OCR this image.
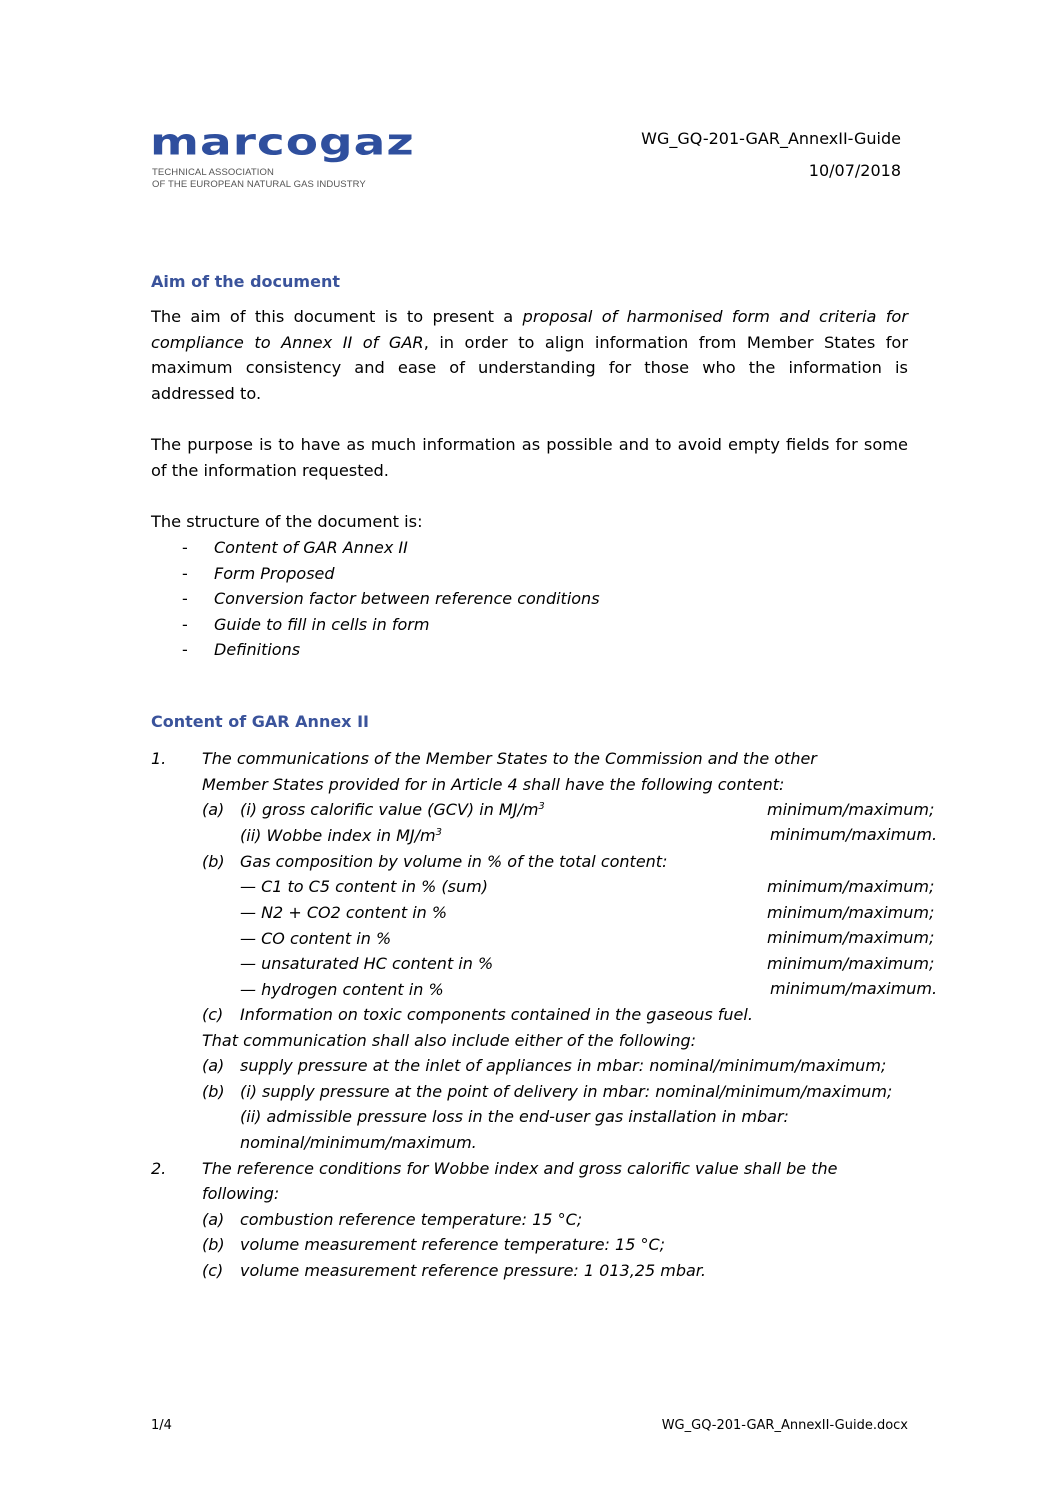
marcogaz
TECHNICAL ASSOCIATION
OF THE EUROPEAN NATURAL GAS INDUSTRY
WG_GQ-201-GAR_AnnexII-Guide
10/07/2018
Aim of the document
The aim of this document is to present a proposal of harmonised form and criteria for compliance to Annex II of GAR, in order to align information from Member States for maximum consistency and ease of understanding for those who the information is addressed to.
The purpose is to have as much information as possible and to avoid empty fields for some of the information requested.
The structure of the document is:
- Content of GAR Annex II
- Form Proposed
- Conversion factor between reference conditions
- Guide to fill in cells in form
- Definitions
Content of GAR Annex II
1. The communications of the Member States to the Commission and the other
Member States provided for in Article 4 shall have the following content:
(a) (i) gross calorific value (GCV) in $MJ/m^3$	minimum/maximum;
(ii) Wobbe index in $MJ/m^3$	minimum/maximum.
(b) Gas composition by volume in % of the total content:
— C1 to C5 content in % (sum)	minimum/maximum;
— N2 + CO2 content in %	minimum/maximum;
— CO content in %	minimum/maximum;
— unsaturated HC content in %	minimum/maximum;
— hydrogen content in %	minimum/maximum.
(c) Information on toxic components contained in the gaseous fuel.
That communication shall also include either of the following:
(a) supply pressure at the inlet of appliances in mbar: nominal/minimum/maximum;
(b) (i) supply pressure at the point of delivery in mbar: nominal/minimum/maximum;
(ii) admissible pressure loss in the end-user gas installation in mbar:
nominal/minimum/maximum.
2. The reference conditions for Wobbe index and gross calorific value shall be the
following:
(a) combustion reference temperature: 15 °C;
(b) volume measurement reference temperature: 15 °C;
(c) volume measurement reference pressure: 1 013,25 mbar.
1/4	WG_GQ-201-GAR_AnnexII-Guide.docx
